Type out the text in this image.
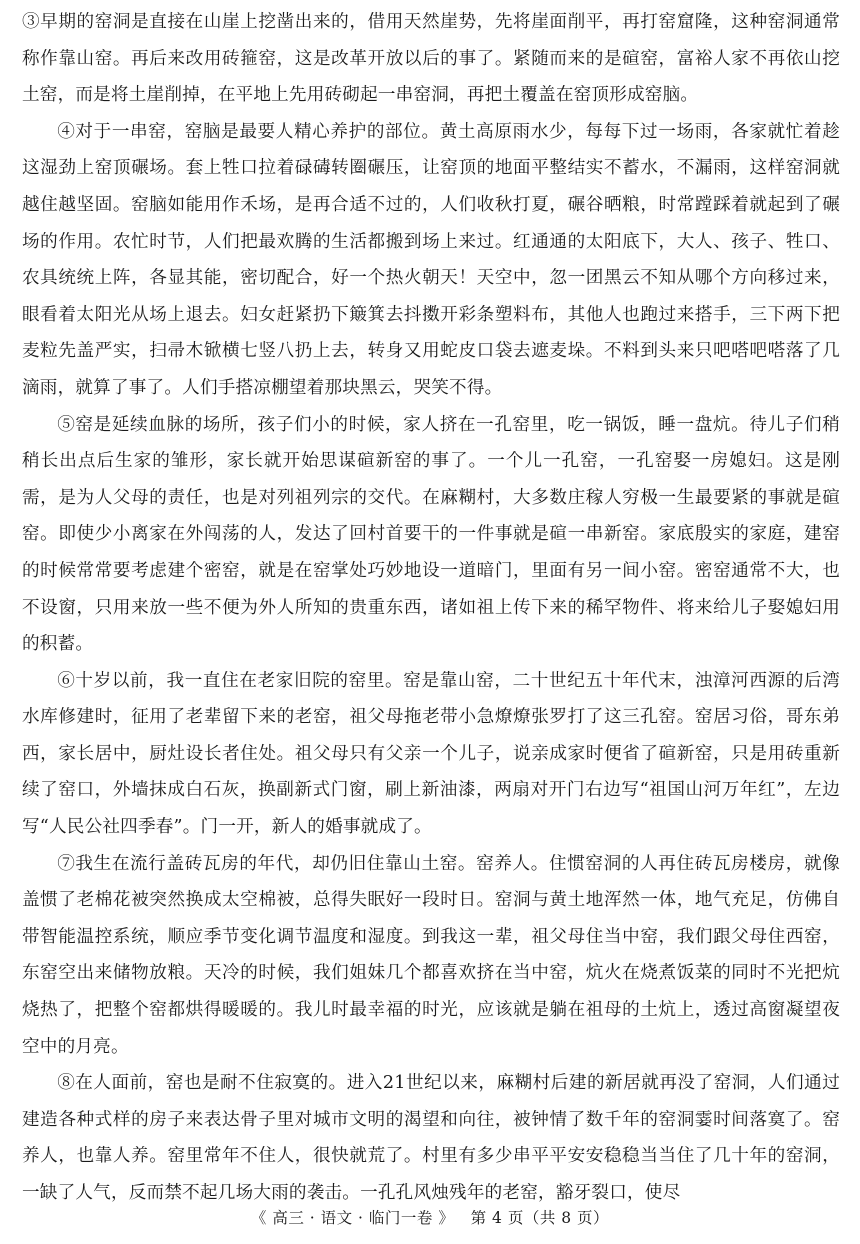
③早期的窑洞是直接在山崖上挖凿出来的，借用天然崖势，先将崖面削平，再打窑窟隆，这种窑洞通常称作靠山窑。再后来改用砖箍窑，这是改革开放以后的事了。紧随而来的是碹窑，富裕人家不再依山挖土窑，而是将土崖削掉，在平地上先用砖砌起一串窑洞，再把土覆盖在窑顶形成窑脑。

④对于一串窑，窑脑是最要人精心养护的部位。黄土高原雨水少，每每下过一场雨，各家就忙着趁这湿劲上窑顶碾场。套上牲口拉着碌碡转圈碾压，让窑顶的地面平整结实不蓄水，不漏雨，这样窑洞就越住越坚固。窑脑如能用作禾场，是再合适不过的，人们收秋打夏，碾谷晒粮，时常蹚踩着就起到了碾场的作用。农忙时节，人们把最欢腾的生活都搬到场上来过。红通通的太阳底下，大人、孩子、牲口、农具统统上阵，各显其能，密切配合，好一个热火朝天！天空中，忽一团黑云不知从哪个方向移过来，眼看着太阳光从场上退去。妇女赶紧扔下簸箕去抖擞开彩条塑料布，其他人也跑过来搭手，三下两下把麦粒先盖严实，扫帚木锨横七竖八扔上去，转身又用蛇皮口袋去遮麦垛。不料到头来只吧嗒吧嗒落了几滴雨，就算了事了。人们手搭凉棚望着那块黑云，哭笑不得。

⑤窑是延续血脉的场所，孩子们小的时候，家人挤在一孔窑里，吃一锅饭，睡一盘炕。待儿子们稍稍长出点后生家的雏形，家长就开始思谋碹新窑的事了。一个儿一孔窑，一孔窑娶一房媳妇。这是刚需，是为人父母的责任，也是对列祖列宗的交代。在麻糊村，大多数庄稼人穷极一生最要紧的事就是碹窑。即使少小离家在外闯荡的人，发达了回村首要干的一件事就是碹一串新窑。家底殷实的家庭，建窑的时候常常要考虑建个密窑，就是在窑掌处巧妙地设一道暗门，里面有另一间小窑。密窑通常不大，也不设窗，只用来放一些不便为外人所知的贵重东西，诸如祖上传下来的稀罕物件、将来给儿子娶媳妇用的积蓄。

⑥十岁以前，我一直住在老家旧院的窑里。窑是靠山窑，二十世纪五十年代末，浊漳河西源的后湾水库修建时，征用了老辈留下来的老窑，祖父母拖老带小急燎燎张罗打了这三孔窑。窑居习俗，哥东弟西，家长居中，厨灶设长者住处。祖父母只有父亲一个儿子，说亲成家时便省了碹新窑，只是用砖重新续了窑口，外墙抹成白石灰，换副新式门窗，刷上新油漆，两扇对开门右边写“祖国山河万年红”，左边写“人民公社四季春”。门一开，新人的婚事就成了。

⑦我生在流行盖砖瓦房的年代，却仍旧住靠山土窑。窑养人。住惯窑洞的人再住砖瓦房楼房，就像盖惯了老棉花被突然换成太空棉被，总得失眠好一段时日。窑洞与黄土地浑然一体，地气充足，仿佛自带智能温控系统，顺应季节变化调节温度和湿度。到我这一辈，祖父母住当中窑，我们跟父母住西窑，东窑空出来储物放粮。天冷的时候，我们姐妹几个都喜欢挤在当中窑，炕火在烧煮饭菜的同时不光把炕烧热了，把整个窑都烘得暖暖的。我儿时最幸福的时光，应该就是躺在祖母的土炕上，透过高窗凝望夜空中的月亮。

⑧在人面前，窑也是耐不住寂寞的。进入21世纪以来，麻糊村后建的新居就再没了窑洞，人们通过建造各种式样的房子来表达骨子里对城市文明的渴望和向往，被钟情了数千年的窑洞霎时间落寞了。窑养人，也靠人养。窑里常年不住人，很快就荒了。村里有多少串平平安安稳稳当当住了几十年的窑洞，一缺了人气，反而禁不起几场大雨的袭击。一孔孔风烛残年的老窑，豁牙裂口，使尽

《 高三 · 语文 · 临门一卷 》 第 4 页（共 8 页）
